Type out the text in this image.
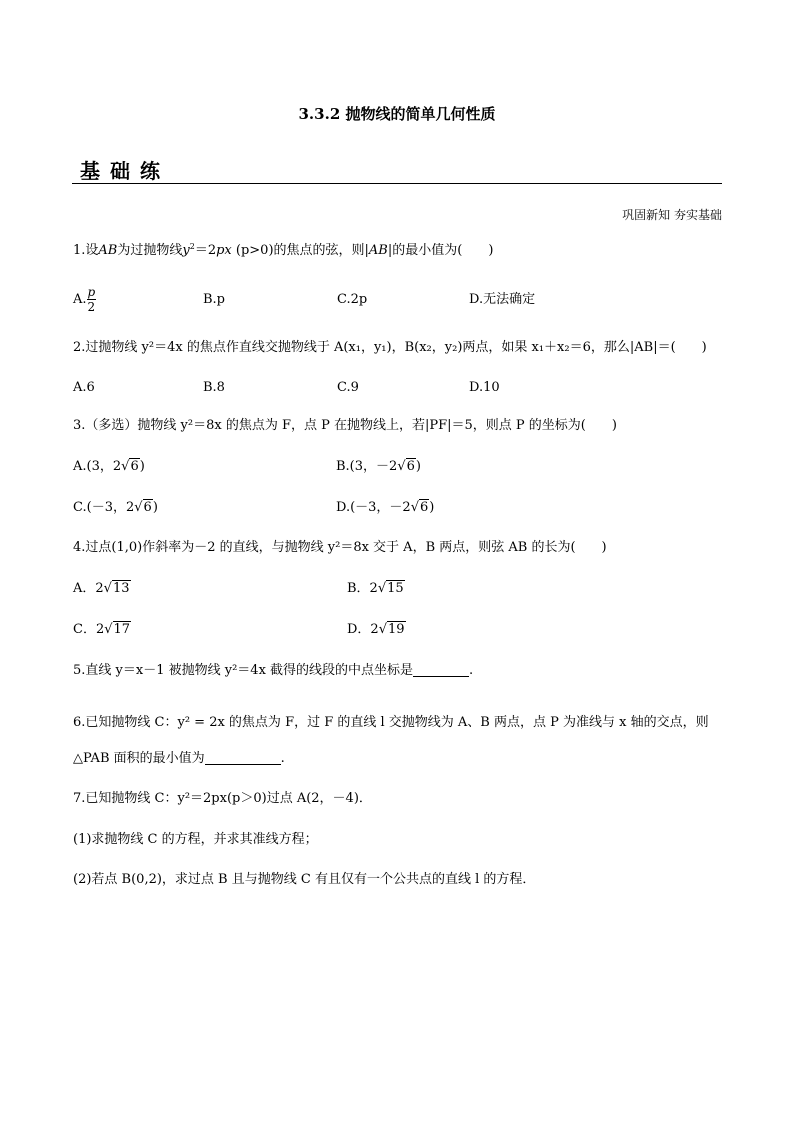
3.3.2 抛物线的简单几何性质
基础练
巩固新知 夯实基础
1.设AB为过抛物线$y^2=2px$ (p>0)的焦点的弦，则|AB|的最小值为(　　)
A. $\frac{p}{2}$	B.p	C.2p	D.无法确定
2.过抛物线 y²＝4x 的焦点作直线交抛物线于 A(x₁，y₁)，B(x₂，y₂)两点，如果 x₁＋x₂＝6，那么|AB|＝(　　)
A.6	B.8	C.9	D.10
3.（多选）抛物线 y²＝8x 的焦点为 F，点 P 在抛物线上，若|PF|＝5，则点 P 的坐标为(　　)
A.(3，2√6)	B.(3，－2√6)
C.(－3，2√6)	D.(－3，－2√6)
4.过点(1,0)作斜率为－2 的直线，与抛物线 y²＝8x 交于 A，B 两点，则弦 AB 的长为(　　)
A．2√13	B．2√15
C．2√17	D．2√19
5.直线 y＝x－1 被抛物线 y²＝4x 截得的线段的中点坐标是	.
6.已知抛物线 C：y² = 2x 的焦点为 F，过 F 的直线 l 交抛物线为 A、B 两点，点 P 为准线与 x 轴的交点，则
△PAB 面积的最小值为	.
7.已知抛物线 C：y²＝2px(p＞0)过点 A(2，－4)．
(1)求抛物线 C 的方程，并求其准线方程；
(2)若点 B(0,2)，求过点 B 且与抛物线 C 有且仅有一个公共点的直线 l 的方程．
